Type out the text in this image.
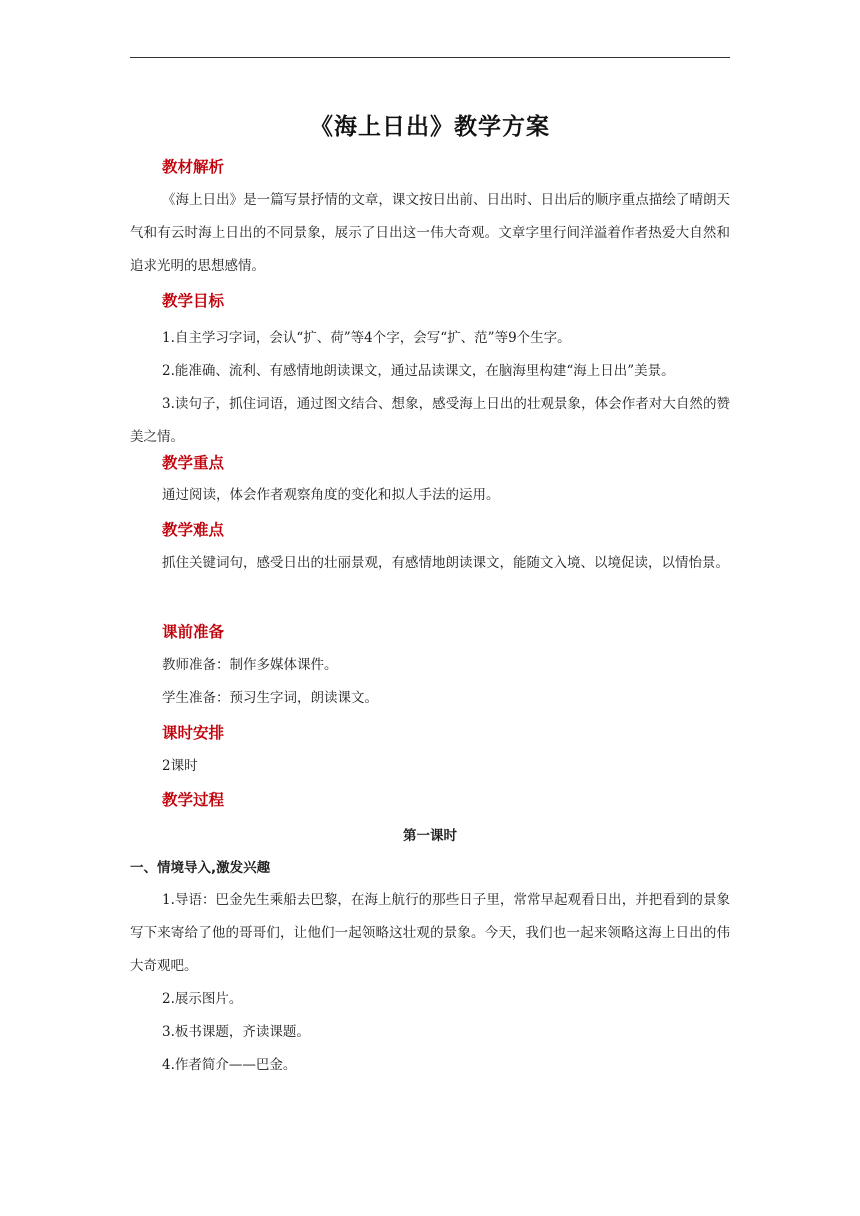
《海上日出》教学方案
教材解析
《海上日出》是一篇写景抒情的文章，课文按日出前、日出时、日出后的顺序重点描绘了晴朗天气和有云时海上日出的不同景象，展示了日出这一伟大奇观。文章字里行间洋溢着作者热爱大自然和追求光明的思想感情。
教学目标
1.自主学习字词，会认“扩、荷”等4个字，会写“扩、范”等9个生字。
2.能准确、流利、有感情地朗读课文，通过品读课文，在脑海里构建“海上日出”美景。
3.读句子，抓住词语，通过图文结合、想象，感受海上日出的壮观景象，体会作者对大自然的赞美之情。
教学重点
通过阅读，体会作者观察角度的变化和拟人手法的运用。
教学难点
抓住关键词句，感受日出的壮丽景观，有感情地朗读课文，能随文入境、以境促读，以情怡景。
课前准备
教师准备：制作多媒体课件。
学生准备：预习生字词，朗读课文。
课时安排
2课时
教学过程
第一课时
一、情境导入,激发兴趣
1.导语：巴金先生乘船去巴黎，在海上航行的那些日子里，常常早起观看日出，并把看到的景象写下来寄给了他的哥哥们，让他们一起领略这壮观的景象。今天，我们也一起来领略这海上日出的伟大奇观吧。
2.展示图片。
3.板书课题，齐读课题。
4.作者简介——巴金。
